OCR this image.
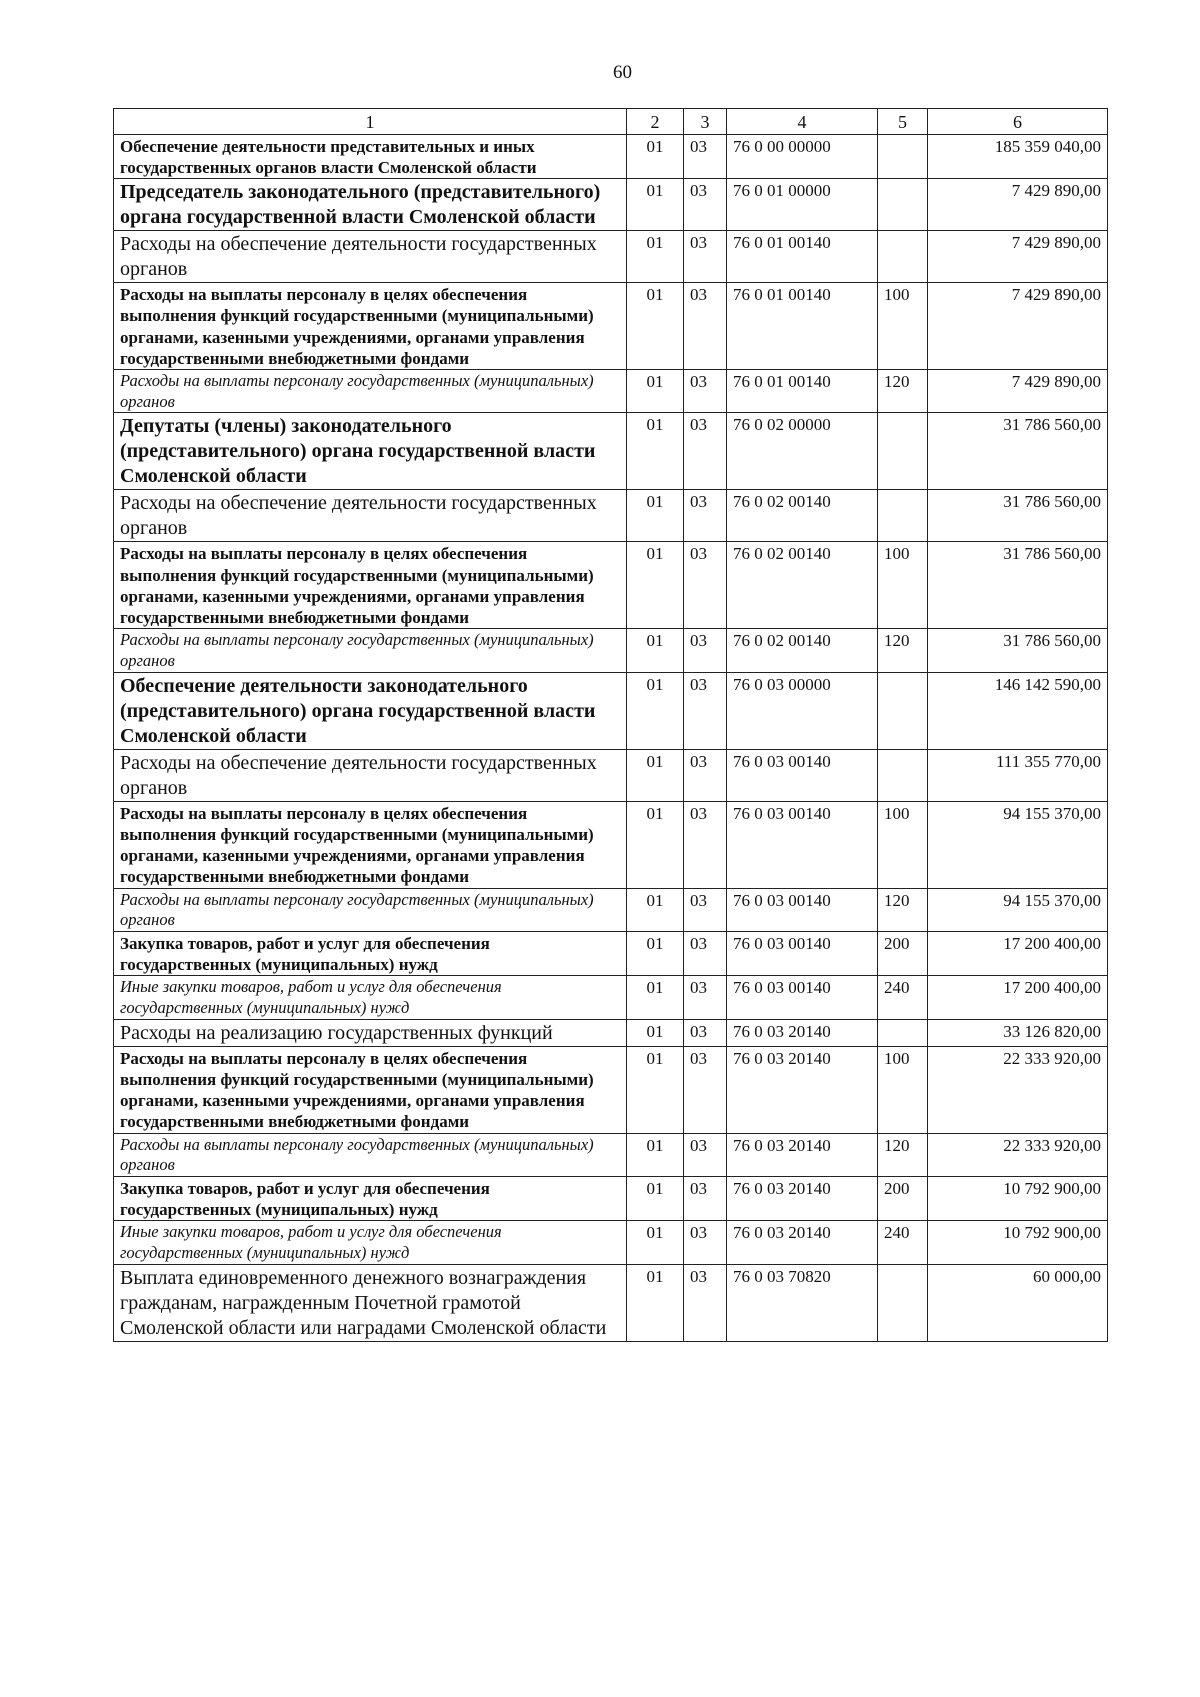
60
1	2	3	4	5	6
Обеспечение деятельности представительных и иных государственных органов власти Смоленской области	01	03	76 0 00 00000		185 359 040,00
Председатель законодательного (представительного) органа государственной власти Смоленской области	01	03	76 0 01 00000		7 429 890,00
Расходы на обеспечение деятельности государственных органов	01	03	76 0 01 00140		7 429 890,00
Расходы на выплаты персоналу в целях обеспечения выполнения функций государственными (муниципальными) органами, казенными учреждениями, органами управления государственными внебюджетными фондами	01	03	76 0 01 00140	100	7 429 890,00
Расходы на выплаты персоналу государственных (муниципальных) органов	01	03	76 0 01 00140	120	7 429 890,00
Депутаты (члены) законодательного (представительного) органа государственной власти Смоленской области	01	03	76 0 02 00000		31 786 560,00
Расходы на обеспечение деятельности государственных органов	01	03	76 0 02 00140		31 786 560,00
Расходы на выплаты персоналу в целях обеспечения выполнения функций государственными (муниципальными) органами, казенными учреждениями, органами управления государственными внебюджетными фондами	01	03	76 0 02 00140	100	31 786 560,00
Расходы на выплаты персоналу государственных (муниципальных) органов	01	03	76 0 02 00140	120	31 786 560,00
Обеспечение деятельности законодательного (представительного) органа государственной власти Смоленской области	01	03	76 0 03 00000		146 142 590,00
Расходы на обеспечение деятельности государственных органов	01	03	76 0 03 00140		111 355 770,00
Расходы на выплаты персоналу в целях обеспечения выполнения функций государственными (муниципальными) органами, казенными учреждениями, органами управления государственными внебюджетными фондами	01	03	76 0 03 00140	100	94 155 370,00
Расходы на выплаты персоналу государственных (муниципальных) органов	01	03	76 0 03 00140	120	94 155 370,00
Закупка товаров, работ и услуг для обеспечения государственных (муниципальных) нужд	01	03	76 0 03 00140	200	17 200 400,00
Иные закупки товаров, работ и услуг для обеспечения государственных (муниципальных) нужд	01	03	76 0 03 00140	240	17 200 400,00
Расходы на реализацию государственных функций	01	03	76 0 03 20140		33 126 820,00
Расходы на выплаты персоналу в целях обеспечения выполнения функций государственными (муниципальными) органами, казенными учреждениями, органами управления государственными внебюджетными фондами	01	03	76 0 03 20140	100	22 333 920,00
Расходы на выплаты персоналу государственных (муниципальных) органов	01	03	76 0 03 20140	120	22 333 920,00
Закупка товаров, работ и услуг для обеспечения государственных (муниципальных) нужд	01	03	76 0 03 20140	200	10 792 900,00
Иные закупки товаров, работ и услуг для обеспечения государственных (муниципальных) нужд	01	03	76 0 03 20140	240	10 792 900,00
Выплата единовременного денежного вознаграждения гражданам, награжденным Почетной грамотой Смоленской области или наградами Смоленской области	01	03	76 0 03 70820		60 000,00
